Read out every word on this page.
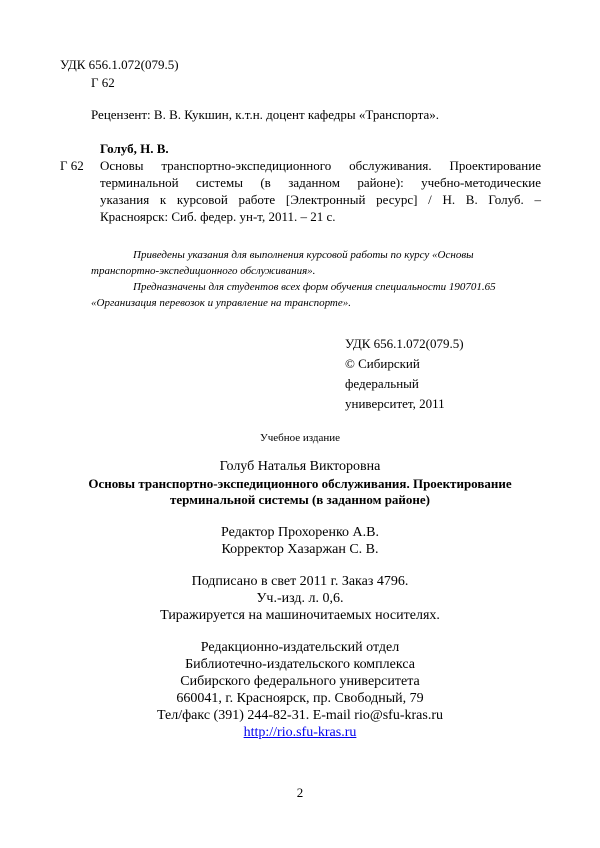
УДК 656.1.072(079.5)
Г 62
Рецензент: В. В. Кукшин, к.т.н. доцент кафедры «Транспорта».
Голуб, Н. В.
Г 62 Основы транспортно-экспедиционного обслуживания. Проектирование
терминальной системы (в заданном районе): учебно-методические
указания к курсовой работе [Электронный ресурс] / Н. В. Голуб. –
Красноярск: Сиб. федер. ун-т, 2011. – 21 с.
Приведены указания для выполнения курсовой работы по курсу «Основы
транспортно-экспедиционного обслуживания».
Предназначены для студентов всех форм обучения специальности 190701.65
«Организация перевозок и управление на транспорте».
УДК 656.1.072(079.5)
© Сибирский
федеральный
университет, 2011
Учебное издание
Голуб Наталья Викторовна
Основы транспортно-экспедиционного обслуживания. Проектирование
терминальной системы (в заданном районе)
Редактор Прохоренко А.В.
Корректор Хазаржан С. В.
Подписано в свет 2011 г. Заказ 4796.
Уч.-изд. л. 0,6.
Тиражируется на машиночитаемых носителях.
Редакционно-издательский отдел
Библиотечно-издательского комплекса
Сибирского федерального университета
660041, г. Красноярск, пр. Свободный, 79
Тел/факс (391) 244-82-31. E-mail rio@sfu-kras.ru
http://rio.sfu-kras.ru
2
